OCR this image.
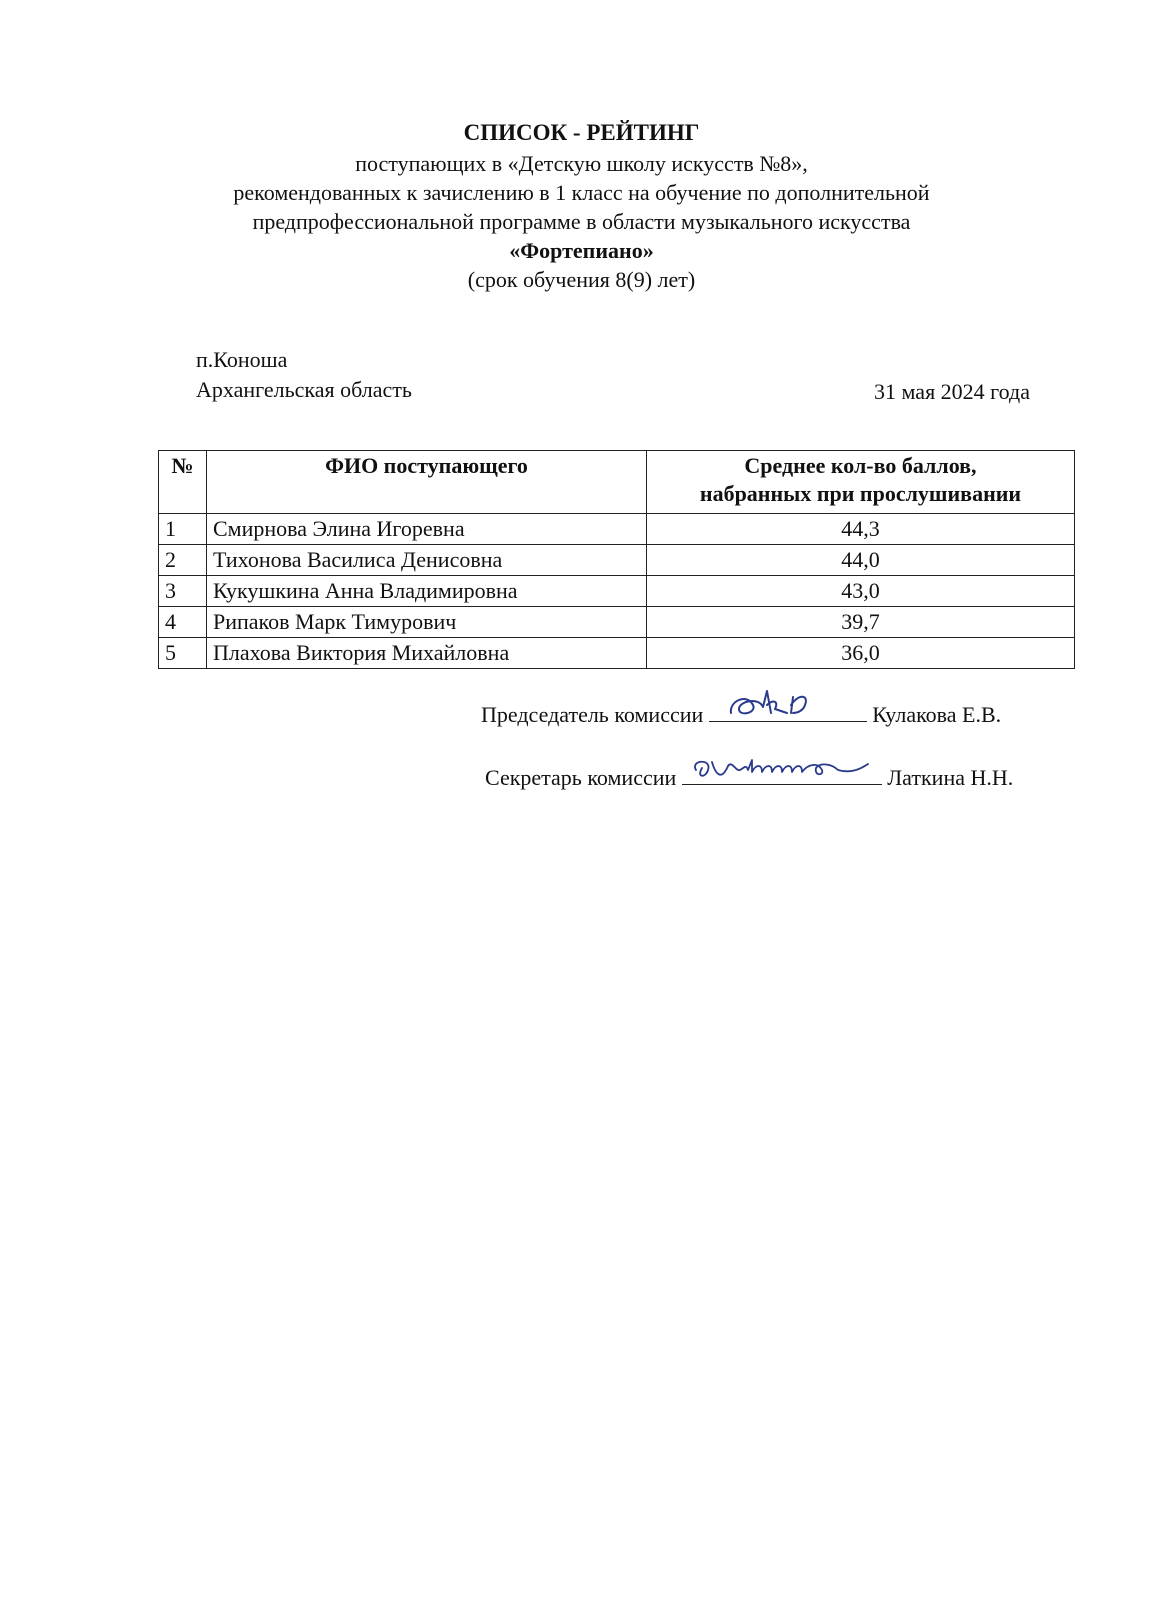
СПИСОК - РЕЙТИНГ
поступающих в «Детскую школу искусств №8»,
рекомендованных к зачислению в 1 класс на обучение по дополнительной
предпрофессиональной программе в области музыкального искусства
«Фортепиано»
(срок обучения 8(9) лет)
п.Коноша
Архангельская область	31 мая 2024 года
№	ФИО поступающего	Среднее кол-во баллов,
набранных при прослушивании
1	Смирнова Элина Игоревна	44,3
2	Тихонова Василиса Денисовна	44,0
3	Кукушкина Анна Владимировна	43,0
4	Рипаков Марк Тимурович	39,7
5	Плахова Виктория Михайловна	36,0
Председатель комиссии	Кулакова Е.В.
Секретарь комиссии	Латкина Н.Н.
